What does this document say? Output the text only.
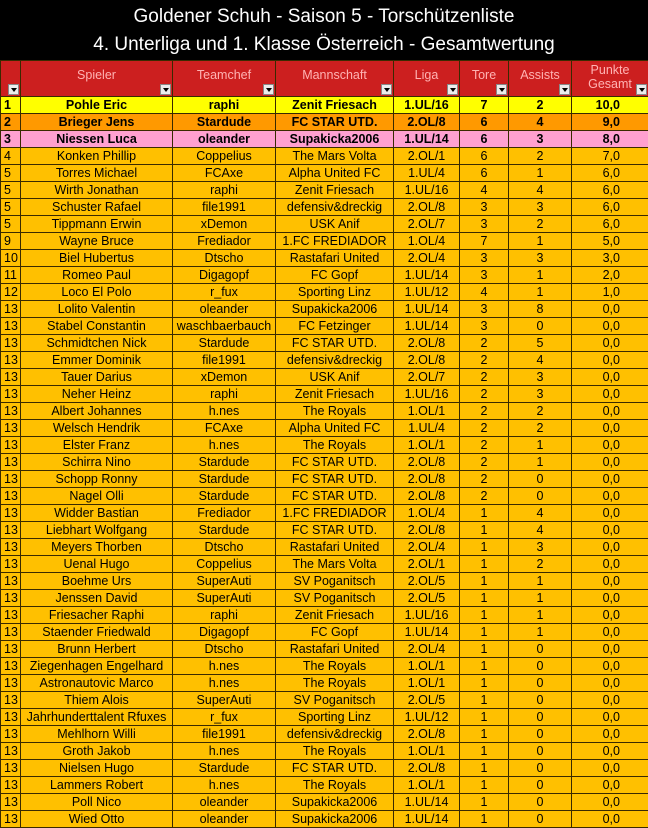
Goldener Schuh - Saison 5 - Torschützenliste
4. Unterliga und 1. Klasse Österreich - Gesamtwertung

	Spieler	Teamchef	Mannschaft	Liga	Tore	Assists	Punkte Gesamt

1	Pohle Eric	raphi	Zenit Friesach	1.UL/16	7	2	10,0
2	Brieger Jens	Stardude	FC STAR UTD.	2.OL/8	6	4	9,0
3	Niessen Luca	oleander	Supakicka2006	1.UL/14	6	3	8,0
4	Konken Phillip	Coppelius	The Mars Volta	2.OL/1	6	2	7,0
5	Torres Michael	FCAxe	Alpha United FC	1.UL/4	6	1	6,0
5	Wirth Jonathan	raphi	Zenit Friesach	1.UL/16	4	4	6,0
5	Schuster Rafael	file1991	defensiv&dreckig	2.OL/8	3	3	6,0
5	Tippmann Erwin	xDemon	USK Anif	2.OL/7	3	2	6,0
9	Wayne Bruce	Frediador	1.FC FREDIADOR	1.OL/4	7	1	5,0
10	Biel Hubertus	Dtscho	Rastafari United	2.OL/4	3	3	3,0
11	Romeo Paul	Digagopf	FC Gopf	1.UL/14	3	1	2,0
12	Loco El Polo	r_fux	Sporting Linz	1.UL/12	4	1	1,0
13	Lolito Valentin	oleander	Supakicka2006	1.UL/14	3	8	0,0
13	Stabel Constantin	waschbaerbauch	FC Fetzinger	1.UL/14	3	0	0,0
13	Schmidtchen Nick	Stardude	FC STAR UTD.	2.OL/8	2	5	0,0
13	Emmer Dominik	file1991	defensiv&dreckig	2.OL/8	2	4	0,0
13	Tauer Darius	xDemon	USK Anif	2.OL/7	2	3	0,0
13	Neher Heinz	raphi	Zenit Friesach	1.UL/16	2	3	0,0
13	Albert Johannes	h.nes	The Royals	1.OL/1	2	2	0,0
13	Welsch Hendrik	FCAxe	Alpha United FC	1.UL/4	2	2	0,0
13	Elster Franz	h.nes	The Royals	1.OL/1	2	1	0,0
13	Schirra Nino	Stardude	FC STAR UTD.	2.OL/8	2	1	0,0
13	Schopp Ronny	Stardude	FC STAR UTD.	2.OL/8	2	0	0,0
13	Nagel Olli	Stardude	FC STAR UTD.	2.OL/8	2	0	0,0
13	Widder Bastian	Frediador	1.FC FREDIADOR	1.OL/4	1	4	0,0
13	Liebhart Wolfgang	Stardude	FC STAR UTD.	2.OL/8	1	4	0,0
13	Meyers Thorben	Dtscho	Rastafari United	2.OL/4	1	3	0,0
13	Uenal Hugo	Coppelius	The Mars Volta	2.OL/1	1	2	0,0
13	Boehme Urs	SuperAuti	SV Poganitsch	2.OL/5	1	1	0,0
13	Jenssen David	SuperAuti	SV Poganitsch	2.OL/5	1	1	0,0
13	Friesacher Raphi	raphi	Zenit Friesach	1.UL/16	1	1	0,0
13	Staender Friedwald	Digagopf	FC Gopf	1.UL/14	1	1	0,0
13	Brunn Herbert	Dtscho	Rastafari United	2.OL/4	1	0	0,0
13	Ziegenhagen Engelhard	h.nes	The Royals	1.OL/1	1	0	0,0
13	Astronautovic Marco	h.nes	The Royals	1.OL/1	1	0	0,0
13	Thiem Alois	SuperAuti	SV Poganitsch	2.OL/5	1	0	0,0
13	Jahrhunderttalent Rfuxes	r_fux	Sporting Linz	1.UL/12	1	0	0,0
13	Mehlhorn Willi	file1991	defensiv&dreckig	2.OL/8	1	0	0,0
13	Groth Jakob	h.nes	The Royals	1.OL/1	1	0	0,0
13	Nielsen Hugo	Stardude	FC STAR UTD.	2.OL/8	1	0	0,0
13	Lammers Robert	h.nes	The Royals	1.OL/1	1	0	0,0
13	Poll Nico	oleander	Supakicka2006	1.UL/14	1	0	0,0
13	Wied Otto	oleander	Supakicka2006	1.UL/14	1	0	0,0
